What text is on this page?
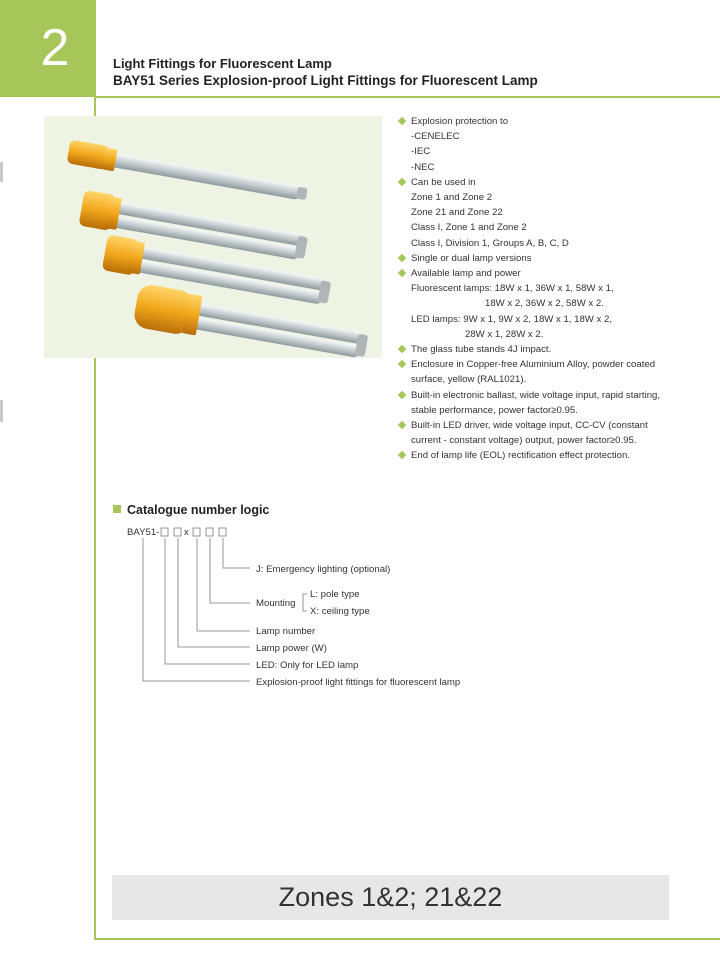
2	Light Fittings for Fluorescent Lamp
BAY51 Series Explosion-proof Light Fittings for Fluorescent Lamp
Explosion protection to
-CENELEC
-IEC
-NEC
Can be used in
Zone 1 and Zone 2
Zone 21 and Zone 22
Class I, Zone 1 and Zone 2
Class I, Division 1, Groups A, B, C, D
Single or dual lamp versions
Available lamp and power
Fluorescent lamps: 18W x 1, 36W x 1, 58W x 1,
18W x 2, 36W x 2, 58W x 2.
LED lamps: 9W x 1, 9W x 2, 18W x 1, 18W x 2,
28W x 1, 28W x 2.
The glass tube stands 4J impact.
Enclosure in Copper-free Aluminium Alloy, powder coated
surface, yellow (RAL1021).
Built-in electronic ballast, wide voltage input, rapid starting,
stable performance, power factor≥0.95.
Built-in LED driver, wide voltage input, CC-CV (constant
current - constant voltage) output, power factor≥0.95.
End of lamp life (EOL) rectification effect protection.
Catalogue number logic
BAY51-	x
J: Emergency lighting (optional)
Mounting
L: pole type
X: ceiling type
Lamp number
Lamp power (W)
LED: Only for LED lamp
Explosion-proof light fittings for fluorescent lamp
Zones 1&2; 21&22
